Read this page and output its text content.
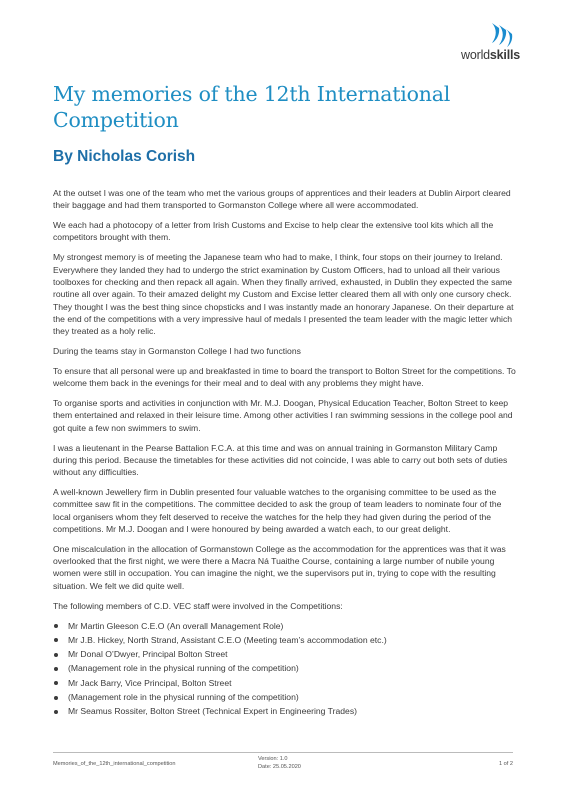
worldskills
My memories of the 12th International Competition
By Nicholas Corish

At the outset I was one of the team who met the various groups of apprentices and their leaders at Dublin Airport cleared their baggage and had them transported to Gormanston College where all were accommodated.

We each had a photocopy of a letter from Irish Customs and Excise to help clear the extensive tool kits which all the competitors brought with them.

My strongest memory is of meeting the Japanese team who had to make, I think, four stops on their journey to Ireland. Everywhere they landed they had to undergo the strict examination by Custom Officers, had to unload all their various toolboxes for checking and then repack all again. When they finally arrived, exhausted, in Dublin they expected the same routine all over again. To their amazed delight my Custom and Excise letter cleared them all with only one cursory check. They thought I was the best thing since chopsticks and I was instantly made an honorary Japanese. On their departure at the end of the competitions with a very impressive haul of medals I presented the team leader with the magic letter which they treated as a holy relic.

During the teams stay in Gormanston College I had two functions

To ensure that all personal were up and breakfasted in time to board the transport to Bolton Street for the competitions. To welcome them back in the evenings for their meal and to deal with any problems they might have.

To organise sports and activities in conjunction with Mr. M.J. Doogan, Physical Education Teacher, Bolton Street to keep them entertained and relaxed in their leisure time. Among other activities I ran swimming sessions in the college pool and got quite a few non swimmers to swim.

I was a lieutenant in the Pearse Battalion F.C.A. at this time and was on annual training in Gormanston Military Camp during this period. Because the timetables for these activities did not coincide, I was able to carry out both sets of duties without any difficulties.

A well-known Jewellery firm in Dublin presented four valuable watches to the organising committee to be used as the committee saw fit in the competitions. The committee decided to ask the group of team leaders to nominate four of the local organisers whom they felt deserved to receive the watches for the help they had given during the period of the competitions. Mr M.J. Doogan and I were honoured by being awarded a watch each, to our great delight.

One miscalculation in the allocation of Gormanstown College as the accommodation for the apprentices was that it was overlooked that the first night, we were there a Macra Ná Tuaithe Course, containing a large number of nubile young women were still in occupation. You can imagine the night, we the supervisors put in, trying to cope with the resulting situation. We felt we did quite well.

The following members of C.D. VEC staff were involved in the Competitions:

Mr Martin Gleeson C.E.O (An overall Management Role)
Mr J.B. Hickey, North Strand, Assistant C.E.O (Meeting team’s accommodation etc.)
Mr Donal O’Dwyer, Principal Bolton Street
(Management role in the physical running of the competition)
Mr Jack Barry, Vice Principal, Bolton Street
(Management role in the physical running of the competition)
Mr Seamus Rossiter, Bolton Street (Technical Expert in Engineering Trades)
Memories_of_the_12th_international_competition
Version: 1.0
Date: 25.05.2020	1 of 2
